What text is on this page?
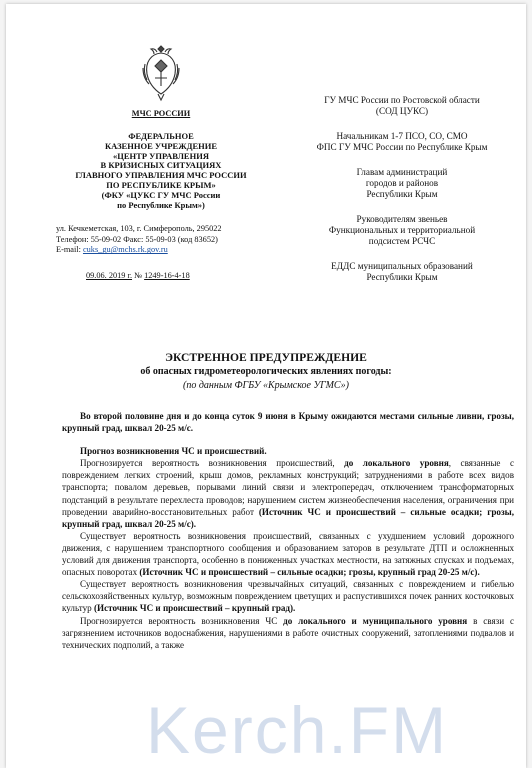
МЧС РОССИИ
ФЕДЕРАЛЬНОЕ
КАЗЕННОЕ УЧРЕЖДЕНИЕ
«ЦЕНТР УПРАВЛЕНИЯ
В КРИЗИСНЫХ СИТУАЦИЯХ
ГЛАВНОГО УПРАВЛЕНИЯ МЧС РОССИИ
ПО РЕСПУБЛИКЕ КРЫМ»
(ФКУ «ЦУКС ГУ МЧС России
по Республике Крым»)
ул. Кечкеметская, 103, г. Симферополь, 295022
Телефон: 55-09-02 Факс: 55-09-03 (код 83652)
E-mail: cuks_gu@mchs.rk.gov.ru
09.06. 2019 г. № 1249-16-4-18
ГУ МЧС России по Ростовской области
(СОД ЦУКС)
Начальникам 1-7 ПСО, СО, СМО
ФПС ГУ МЧС России по Республике Крым
Главам администраций
городов и районов
Республики Крым
Руководителям звеньев
Функциональных и территориальной
подсистем РСЧС
ЕДДС муниципальных образований
Республики Крым
ЭКСТРЕННОЕ ПРЕДУПРЕЖДЕНИЕ
об опасных гидрометеорологических явлениях погоды:
(по данным ФГБУ «Крымское УГМС»)

Во второй половине дня и до конца суток 9 июня в Крыму ожидаются местами сильные ливни, грозы, крупный град, шквал 20-25 м/с.

Прогноз возникновения ЧС и происшествий.

Прогнозируется вероятность возникновения происшествий, до локального уровня, связанные с повреждением легких строений, крыш домов, рекламных конструкций; затруднениями в работе всех видов транспорта; повалом деревьев, порывами линий связи и электропередач, отключением трансформаторных подстанций в результате перехлеста проводов; нарушением систем жизнеобеспечения населения, ограничения при проведении аварийно-восстановительных работ (Источник ЧС и происшествий – сильные осадки; грозы, крупный град, шквал 20-25 м/с).

Существует вероятность возникновения происшествий, связанных с ухудшением условий дорожного движения, с нарушением транспортного сообщения и образованием заторов в результате ДТП и осложненных условий для движения транспорта, особенно в пониженных участках местности, на затяжных спусках и подъемах, опасных поворотах (Источник ЧС и происшествий – сильные осадки; грозы, крупный град 20-25 м/с).

Существует вероятность возникновения чрезвычайных ситуаций, связанных с повреждением и гибелью сельскохозяйственных культур, возможным повреждением цветущих и распустившихся почек ранних косточковых культур (Источник ЧС и происшествий – крупный град).

Прогнозируется вероятность возникновения ЧС до локального и муниципального уровня в связи с загрязнением источников водоснабжения, нарушениями в работе очистных сооружений, затоплениями подвалов и технических подполий, а также

Kerch.FM
